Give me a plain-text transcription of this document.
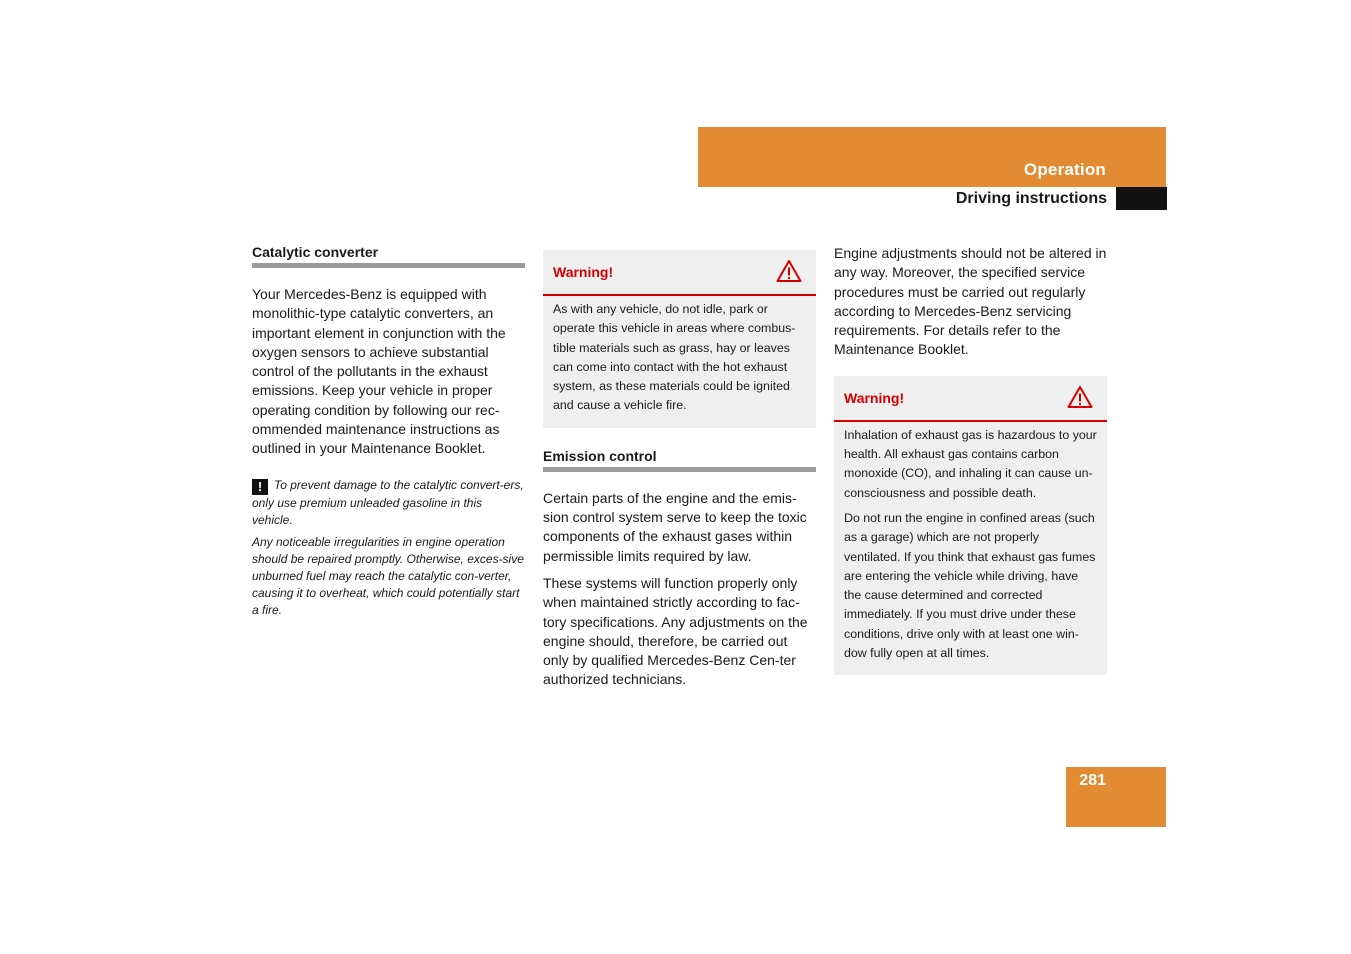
Operation
Driving instructions
Catalytic converter

Your Mercedes-Benz is equipped with monolithic-type catalytic converters, an important element in conjunction with the oxygen sensors to achieve substantial control of the pollutants in the exhaust emissions. Keep your vehicle in proper operating condition by following our rec-ommended maintenance instructions as outlined in your Maintenance Booklet.

! To prevent damage to the catalytic convert-ers, only use premium unleaded gasoline in this vehicle.

Any noticeable irregularities in engine operation should be repaired promptly. Otherwise, exces-sive unburned fuel may reach the catalytic con-verter, causing it to overheat, which could potentially start a fire.

Warning!

As with any vehicle, do not idle, park or operate this vehicle in areas where combus-tible materials such as grass, hay or leaves can come into contact with the hot exhaust system, as these materials could be ignited and cause a vehicle fire.

Emission control

Certain parts of the engine and the emis-sion control system serve to keep the toxic components of the exhaust gases within permissible limits required by law.

These systems will function properly only when maintained strictly according to fac-tory specifications. Any adjustments on the engine should, therefore, be carried out only by qualified Mercedes-Benz Cen-ter authorized technicians.

Engine adjustments should not be altered in any way. Moreover, the specified service procedures must be carried out regularly according to Mercedes-Benz servicing requirements. For details refer to the Maintenance Booklet.

Warning!

Inhalation of exhaust gas is hazardous to your health. All exhaust gas contains carbon monoxide (CO), and inhaling it can cause un-consciousness and possible death.

Do not run the engine in confined areas (such as a garage) which are not properly ventilated. If you think that exhaust gas fumes are entering the vehicle while driving, have the cause determined and corrected immediately. If you must drive under these conditions, drive only with at least one win-dow fully open at all times.

281
